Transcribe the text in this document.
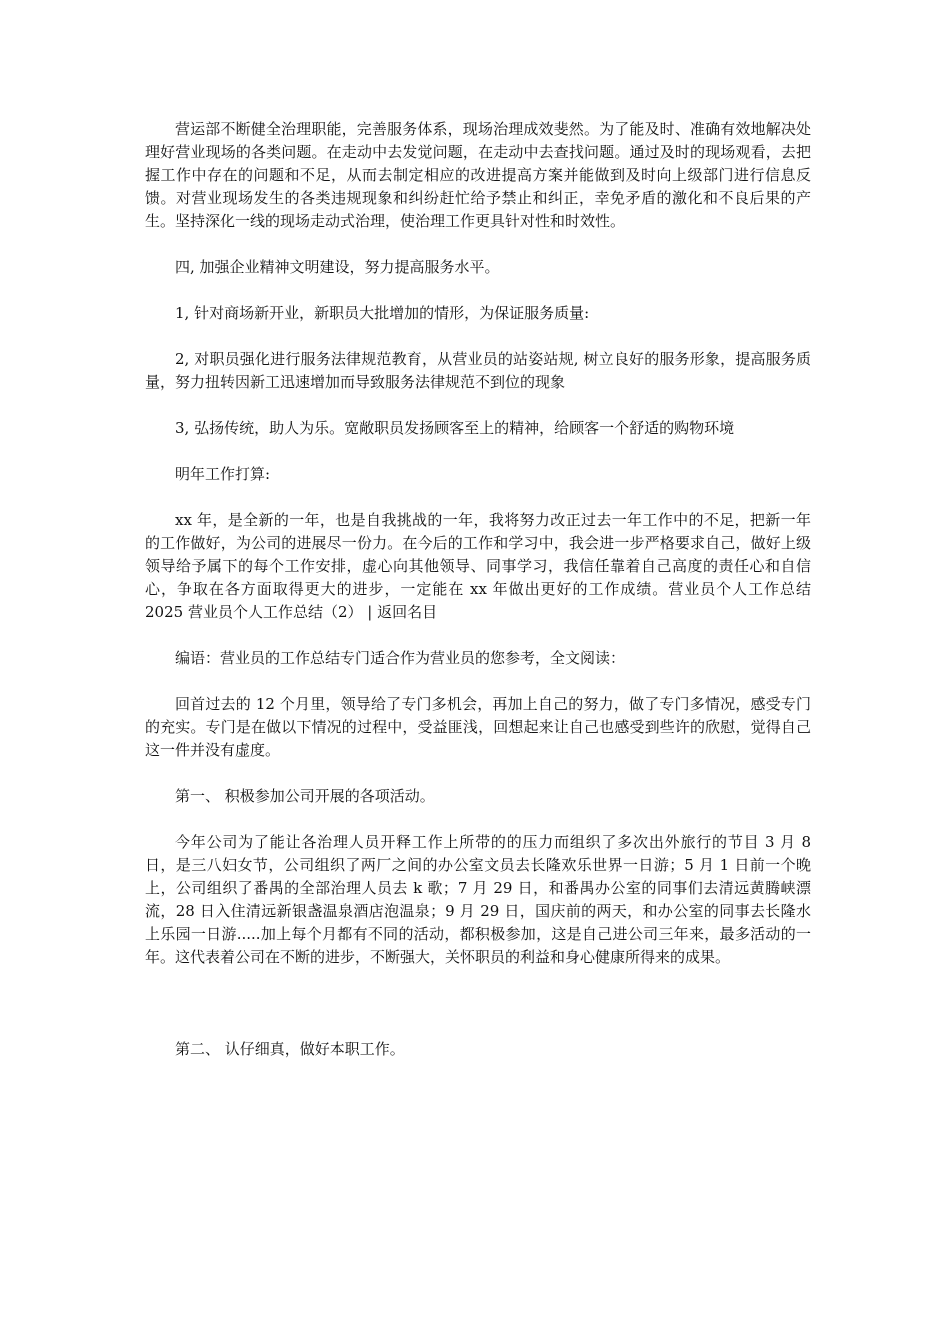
营运部不断健全治理职能，完善服务体系，现场治理成效斐然。为了能及时、准确有效地解决处理好营业现场的各类问题。在走动中去发觉问题，在走动中去查找问题。通过及时的现场观看，去把握工作中存在的问题和不足，从而去制定相应的改进提高方案并能做到及时向上级部门进行信息反馈。对营业现场发生的各类违规现象和纠纷赶忙给予禁止和纠正，幸免矛盾的激化和不良后果的产生。坚持深化一线的现场走动式治理，使治理工作更具针对性和时效性。

四, 加强企业精神文明建设，努力提高服务水平。

1, 针对商场新开业，新职员大批增加的情形，为保证服务质量:

2, 对职员强化进行服务法律规范教育，从营业员的站姿站规, 树立良好的服务形象，提高服务质量，努力扭转因新工迅速增加而导致服务法律规范不到位的现象

3, 弘扬传统，助人为乐。宽敞职员发扬顾客至上的精神，给顾客一个舒适的购物环境

明年工作打算:

xx 年，是全新的一年，也是自我挑战的一年，我将努力改正过去一年工作中的不足，把新一年的工作做好，为公司的进展尽一份力。在今后的工作和学习中，我会进一步严格要求自己，做好上级领导给予属下的每个工作安排，虚心向其他领导、同事学习，我信任靠着自己高度的责任心和自信心，争取在各方面取得更大的进步，一定能在 xx 年做出更好的工作成绩。营业员个人工作总结 2025 营业员个人工作总结（2） | 返回名目

编语：营业员的工作总结专门适合作为营业员的您参考，全文阅读：

回首过去的 12 个月里，领导给了专门多机会，再加上自己的努力，做了专门多情况，感受专门的充实。专门是在做以下情况的过程中，受益匪浅，回想起来让自己也感受到些许的欣慰，觉得自己这一件并没有虚度。

第一、 积极参加公司开展的各项活动。

今年公司为了能让各治理人员开释工作上所带的的压力而组织了多次出外旅行的节目 3 月 8 日，是三八妇女节，公司组织了两厂之间的办公室文员去长隆欢乐世界一日游；5 月 1 日前一个晚上，公司组织了番禺的全部治理人员去 k 歌；7 月 29 日，和番禺办公室的同事们去清远黄腾峡漂流，28 日入住清远新银盏温泉酒店泡温泉；9 月 29 日，国庆前的两天，和办公室的同事去长隆水上乐园一日游.....加上每个月都有不同的活动，都积极参加，这是自己进公司三年来，最多活动的一年。这代表着公司在不断的进步，不断强大，关怀职员的利益和身心健康所得来的成果。

第二、 认仔细真，做好本职工作。
